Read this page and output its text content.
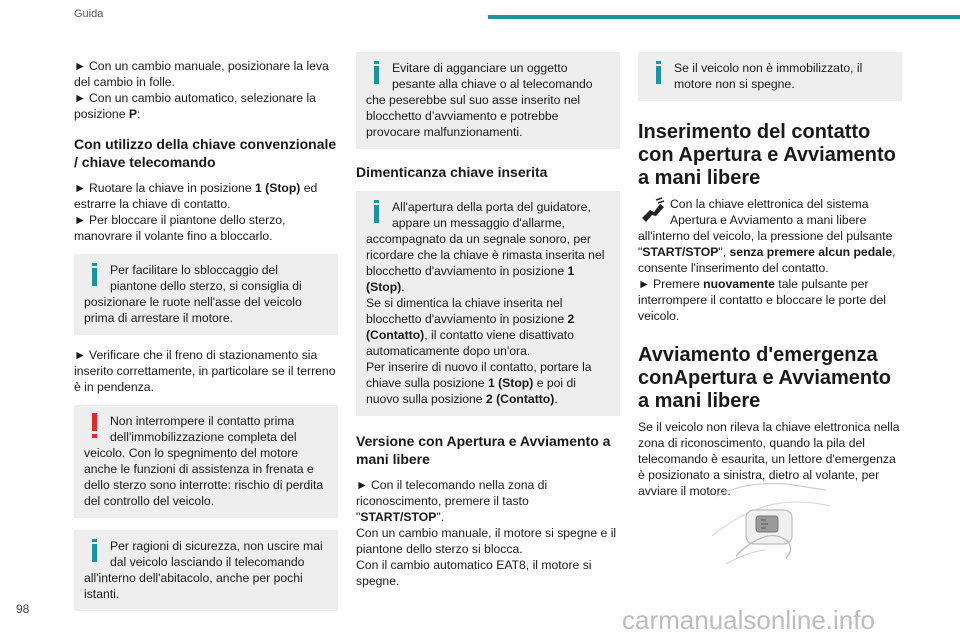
Guida

► Con un cambio manuale, posizionare la leva del cambio in folle.

► Con un cambio automatico, selezionare la posizione P:

Con utilizzo della chiave convenzionale / chiave telecomando

► Ruotare la chiave in posizione 1 (Stop) ed estrarre la chiave di contatto.

► Per bloccare il piantone dello sterzo, manovrare il volante fino a bloccarlo.

Per facilitare lo sbloccaggio del piantone dello sterzo, si consiglia di posizionare le ruote nell'asse del veicolo prima di arrestare il motore.

► Verificare che il freno di stazionamento sia inserito correttamente, in particolare se il terreno è in pendenza.

Non interrompere il contatto prima dell'immobilizzazione completa del veicolo. Con lo spegnimento del motore anche le funzioni di assistenza in frenata e dello sterzo sono interrotte: rischio di perdita del controllo del veicolo.
Per ragioni di sicurezza, non uscire mai dal veicolo lasciando il telecomando all'interno dell'abitacolo, anche per pochi istanti.
Evitare di agganciare un oggetto pesante alla chiave o al telecomando che peserebbe sul suo asse inserito nel blocchetto d’avviamento e potrebbe provocare malfunzionamenti.
Dimenticanza chiave inserita
All'apertura della porta del guidatore, appare un messaggio d'allarme, accompagnato da un segnale sonoro, per ricordare che la chiave è rimasta inserita nel blocchetto d'avviamento in posizione 1 (Stop).
Se si dimentica la chiave inserita nel blocchetto d'avviamento in posizione 2 (Contatto), il contatto viene disattivato automaticamente dopo un'ora.
Per inserire di nuovo il contatto, portare la chiave sulla posizione 1 (Stop) e poi di nuovo sulla posizione 2 (Contatto).
Versione con Apertura e Avviamento a mani libere

► Con il telecomando nella zona di riconoscimento, premere il tasto "START/STOP".

Con un cambio manuale, il motore si spegne e il piantone dello sterzo si blocca.

Con il cambio automatico EAT8, il motore si spegne.

Se il veicolo non è immobilizzato, il motore non si spegne.
Inserimento del contatto con Apertura e Avviamento a mani libere

Con la chiave elettronica del sistema Apertura e Avviamento a mani libere all'interno del veicolo, la pressione del pulsante "START/STOP", senza premere alcun pedale, consente l'inserimento del contatto.

► Premere nuovamente tale pulsante per interrompere il contatto e bloccare le porte del veicolo.

Avviamento d'emergenza conApertura e Avviamento a mani libere

Se il veicolo non rileva la chiave elettronica nella zona di riconoscimento, quando la pila del telecomando è esaurita, un lettore d'emergenza è posizionato a sinistra, dietro al volante, per avviare il motore.

98	carmanualsonline.info
